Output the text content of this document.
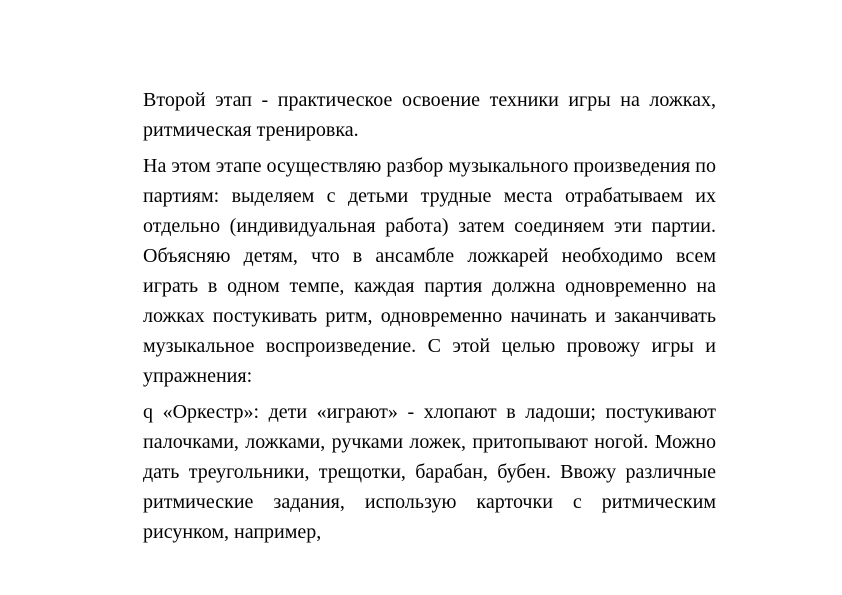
Второй этап - практическое освоение техники игры на ложках, ритмическая тренировка.

На этом этапе осуществляю разбор музыкального произведения по партиям: выделяем с детьми трудные места отрабатываем их отдельно (индивидуальная работа) затем соединяем эти партии. Объясняю детям, что в ансамбле ложкарей необходимо всем играть в одном темпе, каждая партия должна одновременно на ложках постукивать ритм, одновременно начинать и заканчивать музыкальное воспроизведение. С этой целью провожу игры и упражнения:

q «Оркестр»: дети «играют» - хлопают в ладоши; постукивают палочками, ложками, ручками ложек, притопывают ногой. Можно дать треугольники, трещотки, барабан, бубен. Ввожу различные ритмические задания, использую карточки с ритмическим рисунком, например,
